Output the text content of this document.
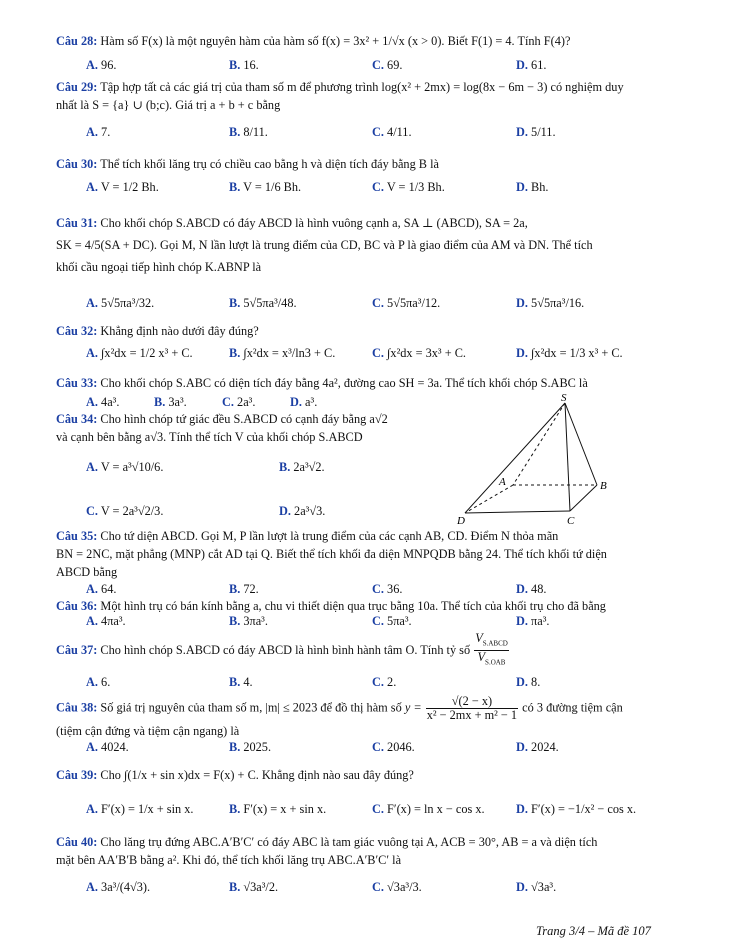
Câu 28: Hàm số F(x) là một nguyên hàm của hàm số f(x) = 3x² + 1/√x (x > 0). Biết F(1) = 4. Tính F(4)?
A. 96.	B. 16.	C. 69.	D. 61.
Câu 29: Tập hợp tất cả các giá trị của tham số m để phương trình log(x² + 2mx) = log(8x − 6m − 3) có nghiệm duy
nhất là S = {a} ∪ (b;c). Giá trị a + b + c bằng
A. 7.	B. 8/11.	C. 4/11.	D. 5/11.
Câu 30: Thể tích khối lăng trụ có chiều cao bằng h và diện tích đáy bằng B là
A. V = 1/2 Bh.	B. V = 1/6 Bh.	C. V = 1/3 Bh.	D. Bh.
Câu 31: Cho khối chóp S.ABCD có đáy ABCD là hình vuông cạnh a, SA ⊥ (ABCD), SA = 2a,
SK = 4/5(SA + DC). Gọi M, N lần lượt là trung điểm của CD, BC và P là giao điểm của AM và DN. Thể tích
khối cầu ngoại tiếp hình chóp K.ABNP là
A. 5√5πa³/32.	B. 5√5πa³/48.	C. 5√5πa³/12.	D. 5√5πa³/16.
Câu 32: Khẳng định nào dưới đây đúng?
A. ∫x²dx = 1/2 x³ + C.	B. ∫x²dx = x³/ln3 + C.	C. ∫x²dx = 3x³ + C.	D. ∫x²dx = 1/3 x³ + C.
Câu 33: Cho khối chóp S.ABC có diện tích đáy bằng 4a², đường cao SH = 3a. Thể tích khối chóp S.ABC là
A. 4a³.	B. 3a³.	C. 2a³.	D. a³.
Câu 34: Cho hình chóp tứ giác đều S.ABCD có cạnh đáy bằng a√2
và cạnh bên bằng a√3. Tính thể tích V của khối chóp S.ABCD
A. V = a³√10/6.	B. 2a³√2.
C. V = 2a³√2/3.	D. 2a³√3.
S
A	B
C
D
Câu 35: Cho tứ diện ABCD. Gọi M, P lần lượt là trung điểm của các cạnh AB, CD. Điểm N thỏa mãn
BN = 2NC, mặt phẳng (MNP) cắt AD tại Q. Biết thể tích khối đa diện MNPQDB bằng 24. Thể tích khối tứ diện
ABCD bằng
A. 64.	B. 72.	C. 36.	D. 48.
Câu 36: Một hình trụ có bán kính bằng a, chu vi thiết diện qua trục bằng 10a. Thể tích của khối trụ cho đã bằng
A. 4πa³.	B. 3πa³.	C. 5πa³.	D. πa³.
Câu 37: Cho hình chóp S.ABCD có đáy ABCD là hình bình hành tâm O. Tính tỷ số $\frac{V_{S.ABCD}}{V_{S.OAB}}$
A. 6.	B. 4.	C. 2.	D. 8.
Câu 38: Số giá trị nguyên của tham số m, |m| ≤ 2023 để đồ thị hàm số $y = \frac{√(2 - x)}{\text{x² − 2mx + m² − 1}}$ có 3 đường tiệm cận
(tiệm cận đứng và tiệm cận ngang) là
A. 4024.	B. 2025.	C. 2046.	D. 2024.
Câu 39: Cho ∫(1/x + sin x)dx = F(x) + C. Khẳng định nào sau đây đúng?
A. F′(x) = 1/x + sin x.	B. F′(x) = x + sin x.	C. F′(x) = ln x − cos x.	D. F′(x) = −1/x² − cos x.
Câu 40: Cho lăng trụ đứng ABC.A′B′C′ có đáy ABC là tam giác vuông tại A, ACB = 30°, AB = a và diện tích
mặt bên AA′B′B bằng a². Khi đó, thể tích khối lăng trụ ABC.A′B′C′ là
A. 3a³/(4√3).	B. √3a³/2.	C. √3a³/3.	D. √3a³.
Trang 3/4 – Mã đề 107
